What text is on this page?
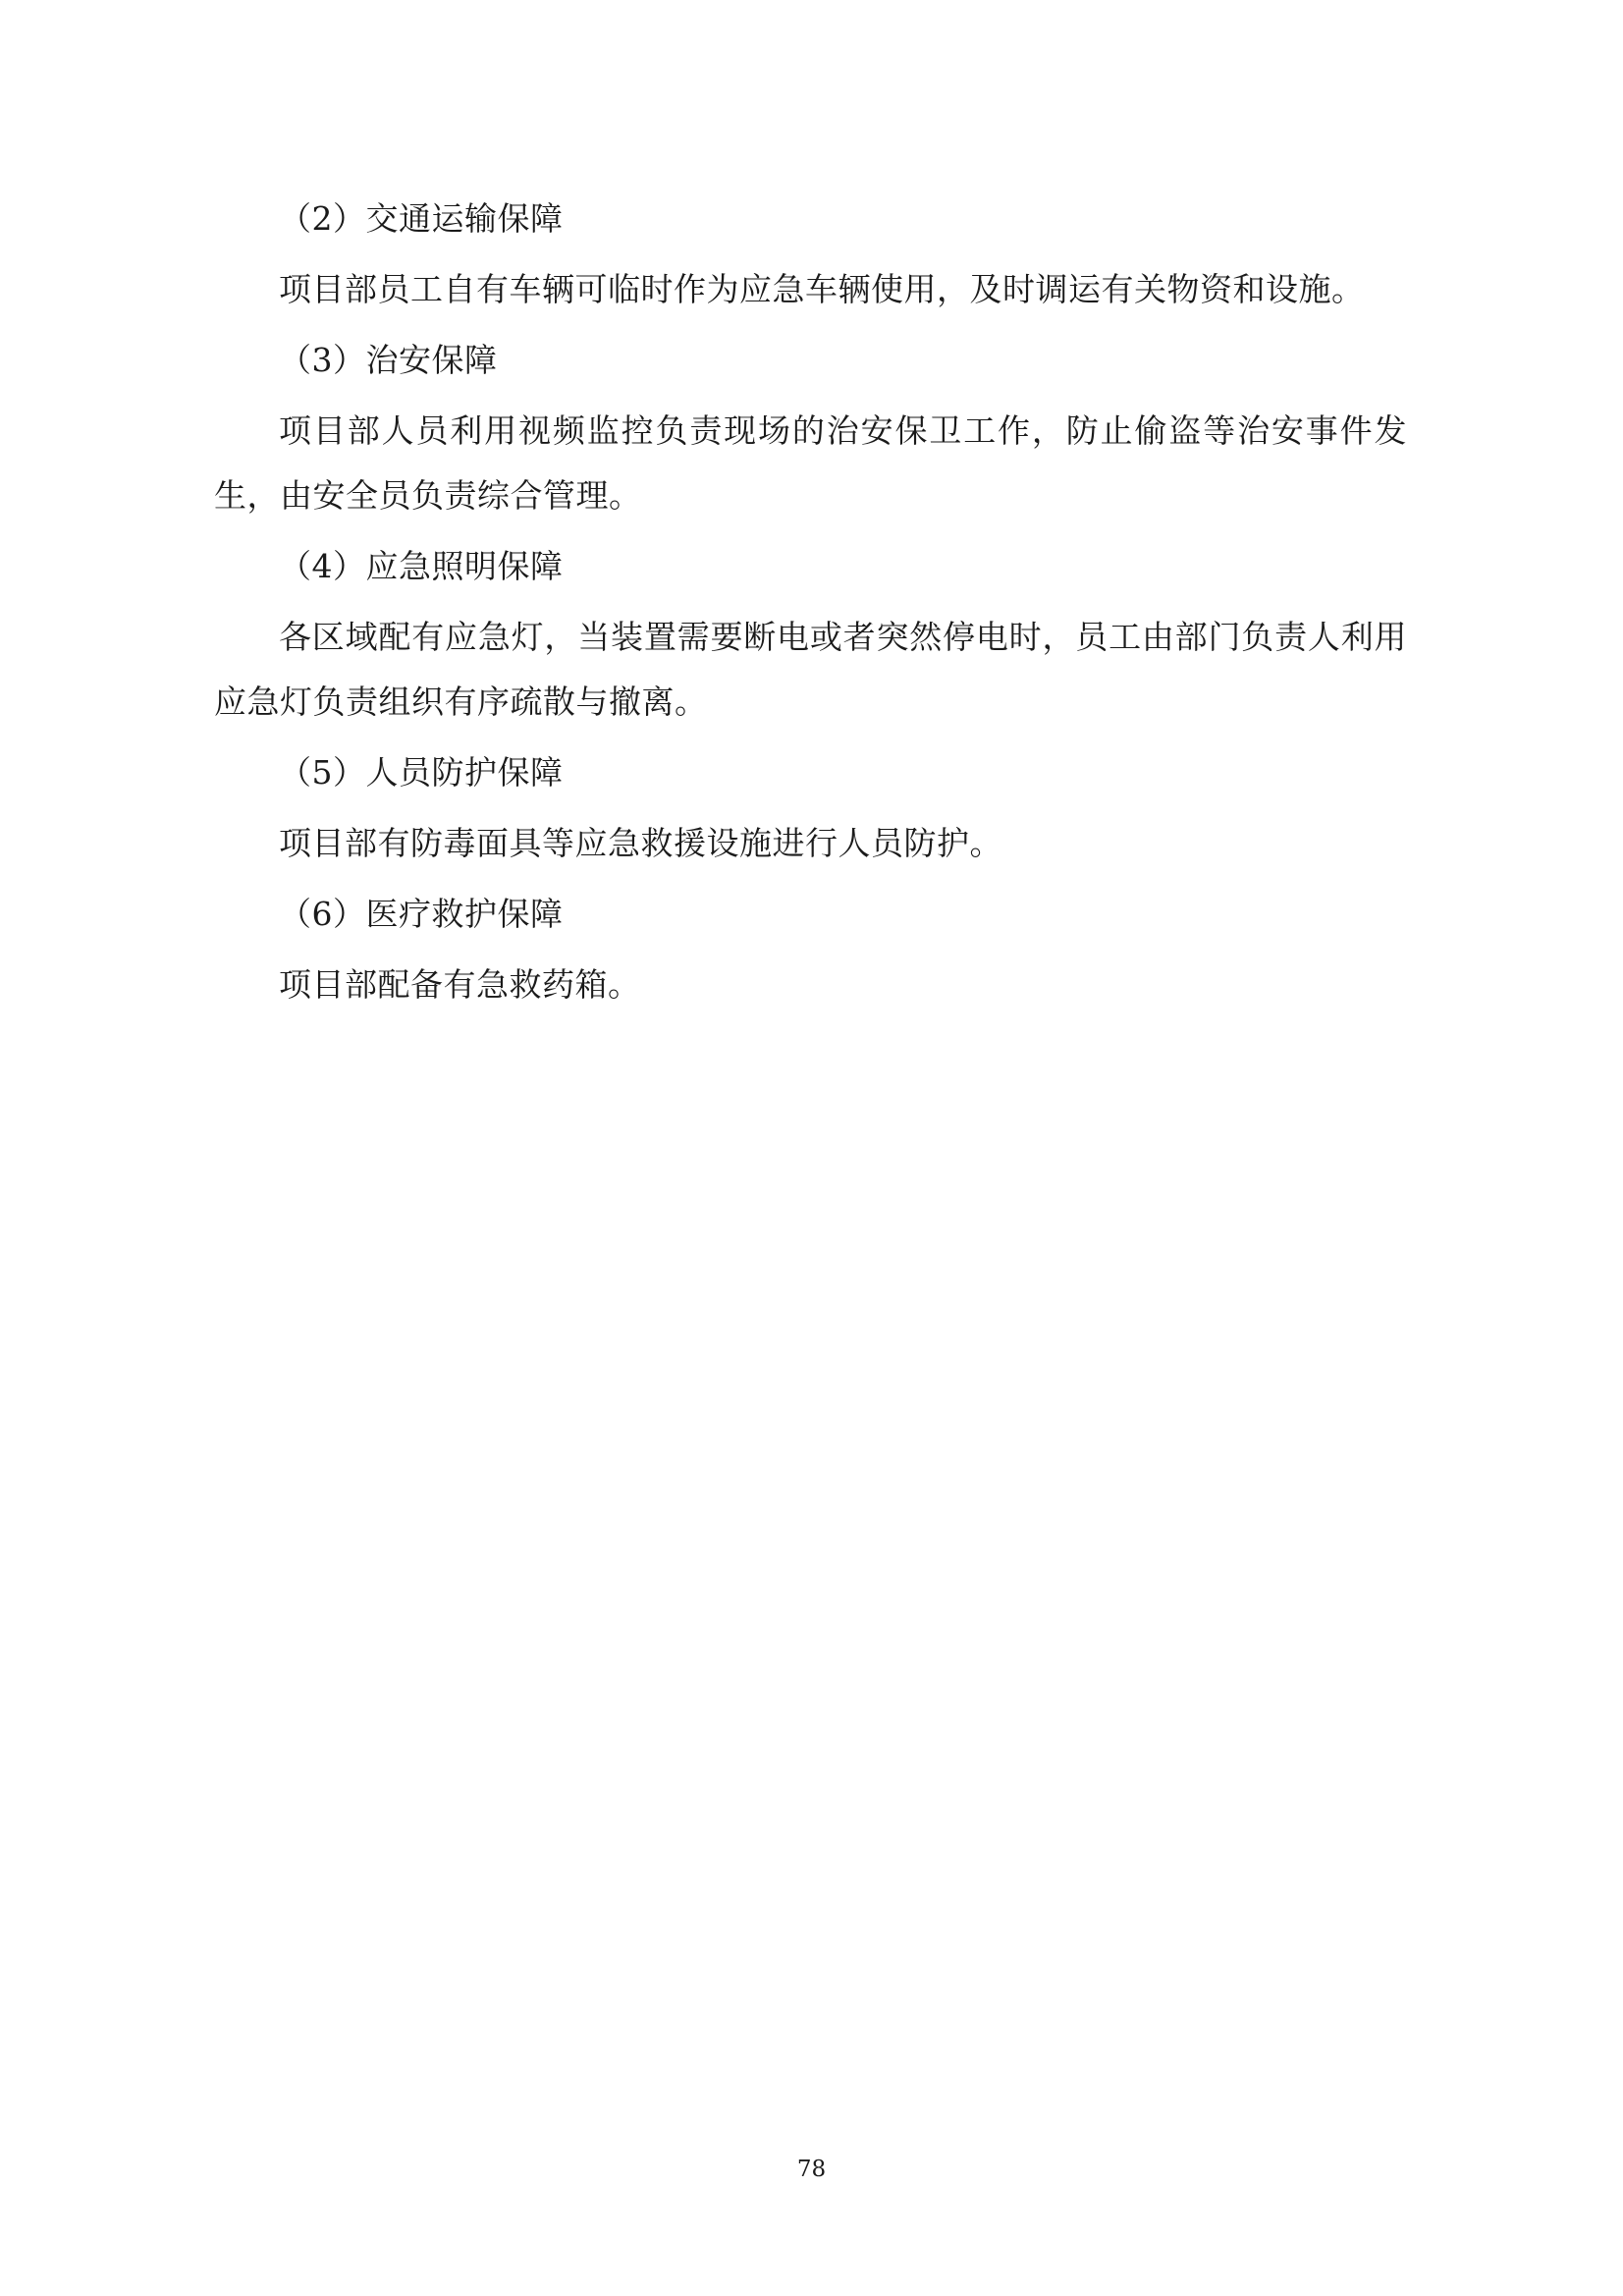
（2）交通运输保障

项目部员工自有车辆可临时作为应急车辆使用，及时调运有关物资和设施。

（3）治安保障

项目部人员利用视频监控负责现场的治安保卫工作，防止偷盗等治安事件发生，由安全员负责综合管理。

（4）应急照明保障

各区域配有应急灯，当装置需要断电或者突然停电时，员工由部门负责人利用应急灯负责组织有序疏散与撤离。

（5）人员防护保障

项目部有防毒面具等应急救援设施进行人员防护。

（6）医疗救护保障

项目部配备有急救药箱。

78
